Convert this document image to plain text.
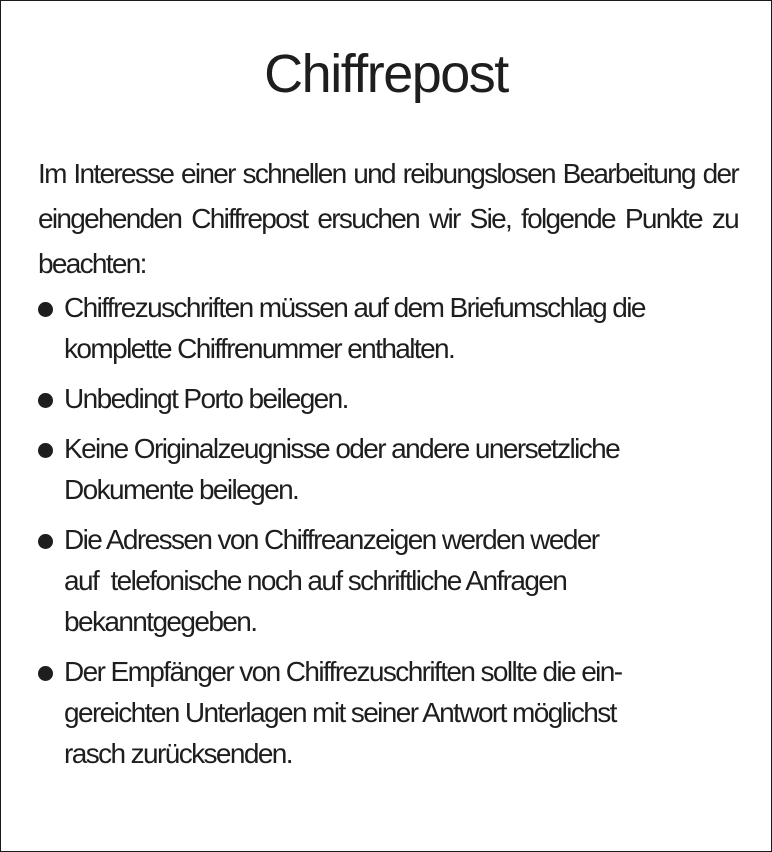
Chiffrepost

Im Interesse einer schnellen und reibungslosen Bearbeitung der eingehenden Chiffrepost ersuchen wir Sie, folgende Punkte zu beachten:

Chiffrezuschriften müssen auf dem Briefumschlag die
komplette Chiffrenummer enthalten.
Unbedingt Porto beilegen.
Keine Originalzeugnisse oder andere unersetzliche
Dokumente beilegen.
Die Adressen von Chiffreanzeigen werden weder
auf  telefonische noch auf schriftliche Anfragen
bekanntgegeben.
Der Empfänger von Chiffrezuschriften sollte die ein-
gereichten Unterlagen mit seiner Antwort möglichst
rasch zurücksenden.
